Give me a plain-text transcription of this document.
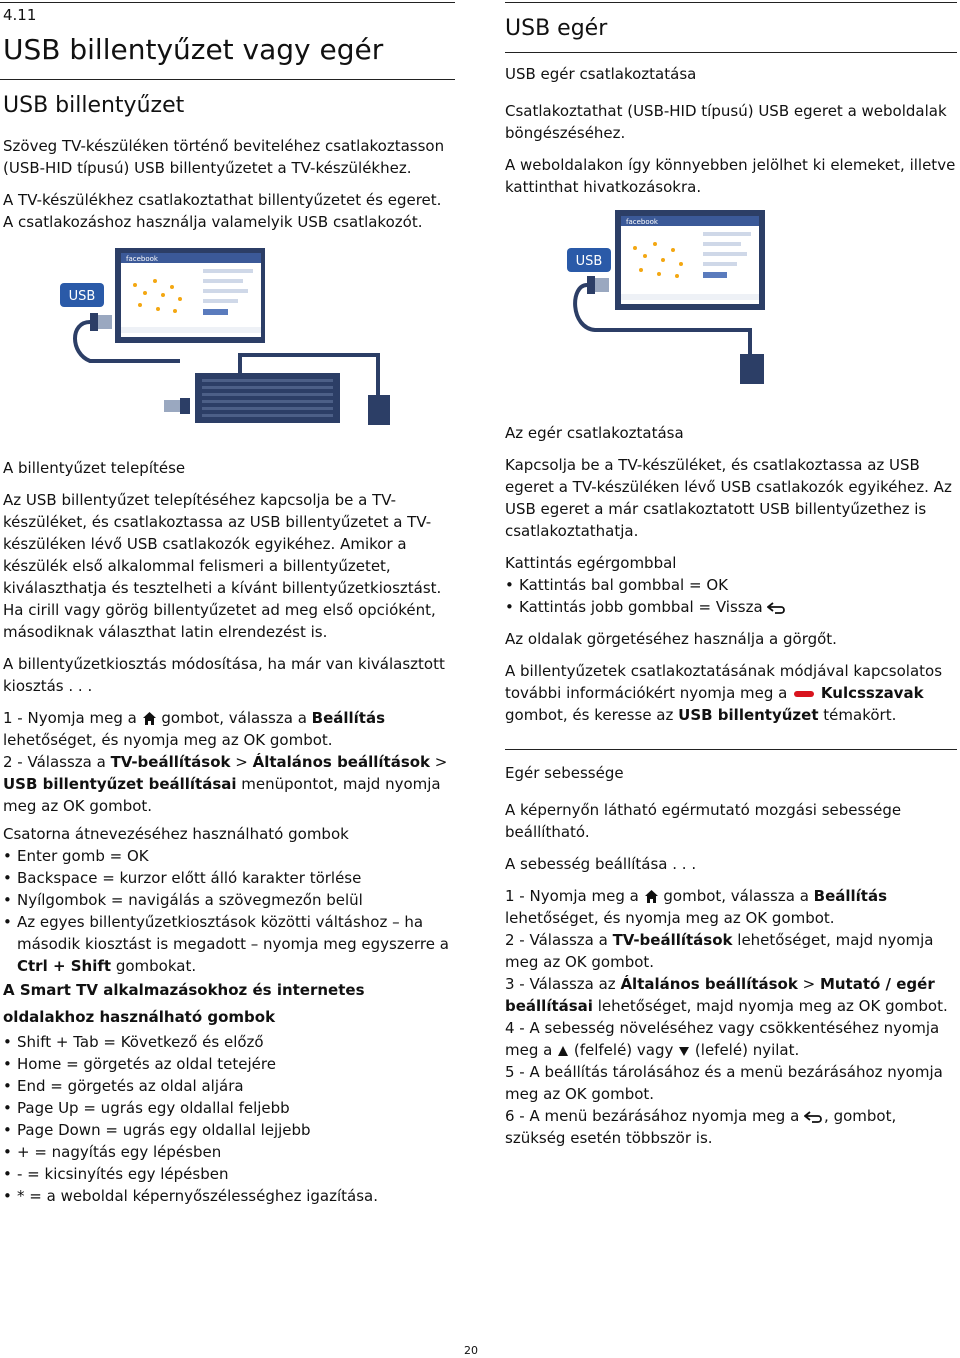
4.11
USB billentyűzet vagy egér
USB billentyűzet

Szöveg TV-készüléken történő beviteléhez csatlakoztasson (USB-HID típusú) USB billentyűzetet a TV-készülékhez.

A TV-készülékhez csatlakoztathat billentyűzetet és egeret.
A csatlakozáshoz használja valamelyik USB csatlakozót.

facebook
USB
A billentyűzet telepítése

Az USB billentyűzet telepítéséhez kapcsolja be a TV-készüléket, és csatlakoztassa az USB billentyűzetet a TV-készüléken lévő USB csatlakozók egyikéhez. Amikor a készülék első alkalommal felismeri a billentyűzetet, kiválaszthatja és tesztelheti a kívánt billentyűzetkiosztást. Ha cirill vagy görög billentyűzetet ad meg első opcióként, másodiknak választhat latin elrendezést is.

A billentyűzetkiosztás módosítása, ha már van kiválasztott kiosztás . . .

1 - Nyomja meg a  gombot, válassza a Beállítás lehetőséget, és nyomja meg az OK gombot.

2 - Válassza a TV-beállítások > Általános beállítások > USB billentyűzet beállításai menüpontot, majd nyomja meg az OK gombot.

Csatorna átnevezéséhez használható gombok
• Enter gomb = OK
• Backspace = kurzor előtt álló karakter törlése
• Nyílgombok = navigálás a szövegmezőn belül
• Az egyes billentyűzetkiosztások közötti váltáshoz – ha második kiosztást is megadott – nyomja meg egyszerre a Ctrl + Shift gombokat.
A Smart TV alkalmazásokhoz és internetes oldalakhoz használható gombok
• Shift + Tab = Következő és előző
• Home = görgetés az oldal tetejére
• End = görgetés az oldal aljára
• Page Up = ugrás egy oldallal feljebb
• Page Down = ugrás egy oldallal lejjebb
• + = nagyítás egy lépésben
• - = kicsinyítés egy lépésben
• * = a weboldal képernyőszélességhez igazítása.
USB egér
USB egér csatlakoztatása

Csatlakoztathat (USB-HID típusú) USB egeret a weboldalak böngészéséhez.

A weboldalakon így könnyebben jelölhet ki elemeket, illetve kattinthat hivatkozásokra.

facebook
USB
Az egér csatlakoztatása

Kapcsolja be a TV-készüléket, és csatlakoztassa az USB egeret a TV-készüléken lévő USB csatlakozók egyikéhez. Az USB egeret a már csatlakoztatott USB billentyűzethez is csatlakoztathatja.

Kattintás egérgombbal
• Kattintás bal gombbal = OK
• Kattintás jobb gombbal = Vissza

Az oldalak görgetéséhez használja a görgőt.

A billentyűzetek csatlakoztatásának módjával kapcsolatos további információkért nyomja meg a  Kulcsszavak gombot, és keresse az USB billentyűzet témakört.

Egér sebessége

A képernyőn látható egérmutató mozgási sebessége beállítható.

A sebesség beállítása . . .

1 - Nyomja meg a  gombot, válassza a Beállítás lehetőséget, és nyomja meg az OK gombot.

2 - Válassza a TV-beállítások lehetőséget, majd nyomja meg az OK gombot.

3 - Válassza az Általános beállítások > Mutató / egér beállításai lehetőséget, majd nyomja meg az OK gombot.

4 - A sebesség növeléséhez vagy csökkentéséhez nyomja meg a  (felfelé) vagy  (lefelé) nyilat.

5 - A beállítás tárolásához és a menü bezárásához nyomja meg az OK gombot.

6 - A menü bezárásához nyomja meg a , gombot, szükség esetén többször is.

20
